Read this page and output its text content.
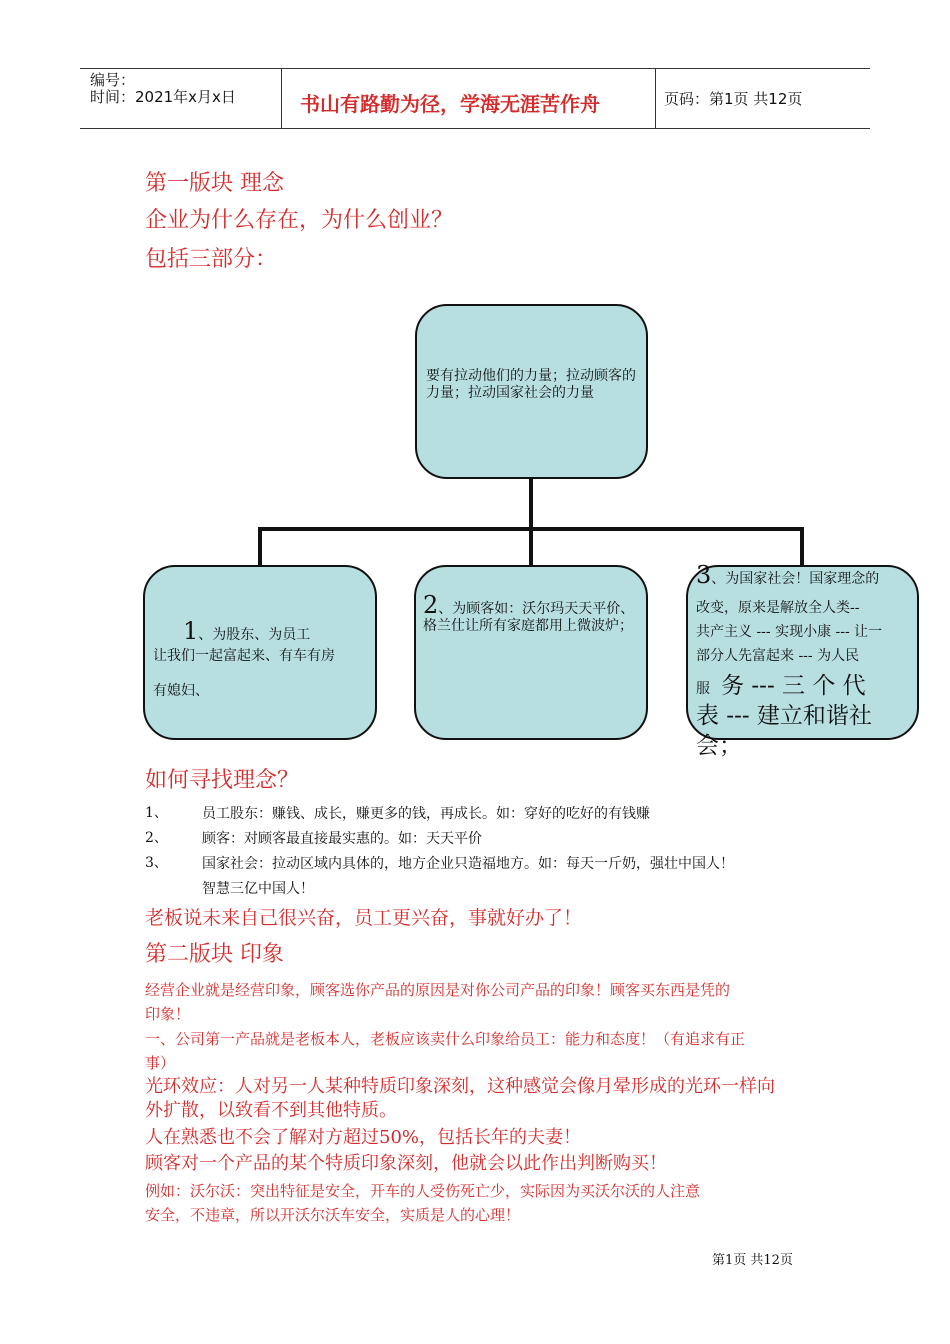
编号：
时间：2021年x月x日	书山有路勤为径，学海无涯苦作舟	页码：第1页 共12页
第一版块 理念
企业为什么存在，为什么创业？
包括三部分：
要有拉动他们的力量；拉动顾客的力量；拉动国家社会的力量
1、为股东、为员工
让我们一起富起来、有车有房
有媳妇、
2、为顾客如：沃尔玛天天平价、格兰仕让所有家庭都用上微波炉；
3、为国家社会！国家理念的
改变，原来是解放全人类--
共产主义 --- 实现小康 --- 让一
部分人先富起来 --- 为人民
服 务 --- 三 个 代
表 --- 建立和谐社
会；
如何寻找理念？
1、 员工股东：赚钱、成长，赚更多的钱，再成长。如：穿好的吃好的有钱赚
2、 顾客：对顾客最直接最实惠的。如：天天平价
3、 国家社会：拉动区域内具体的，地方企业只造福地方。如：每天一斤奶，强壮中国人！
智慧三亿中国人！
老板说未来自己很兴奋，员工更兴奋，事就好办了！
第二版块 印象
经营企业就是经营印象，顾客选你产品的原因是对你公司产品的印象！顾客买东西是凭的
印象！
一、公司第一产品就是老板本人，老板应该卖什么印象给员工：能力和态度！（有追求有正
事）
光环效应：人对另一人某种特质印象深刻，这种感觉会像月晕形成的光环一样向
外扩散，以致看不到其他特质。
人在熟悉也不会了解对方超过50%，包括长年的夫妻！
顾客对一个产品的某个特质印象深刻，他就会以此作出判断购买！
例如：沃尔沃：突出特征是安全，开车的人受伤死亡少，实际因为买沃尔沃的人注意
安全，不违章，所以开沃尔沃车安全，实质是人的心理！
第1页 共12页
